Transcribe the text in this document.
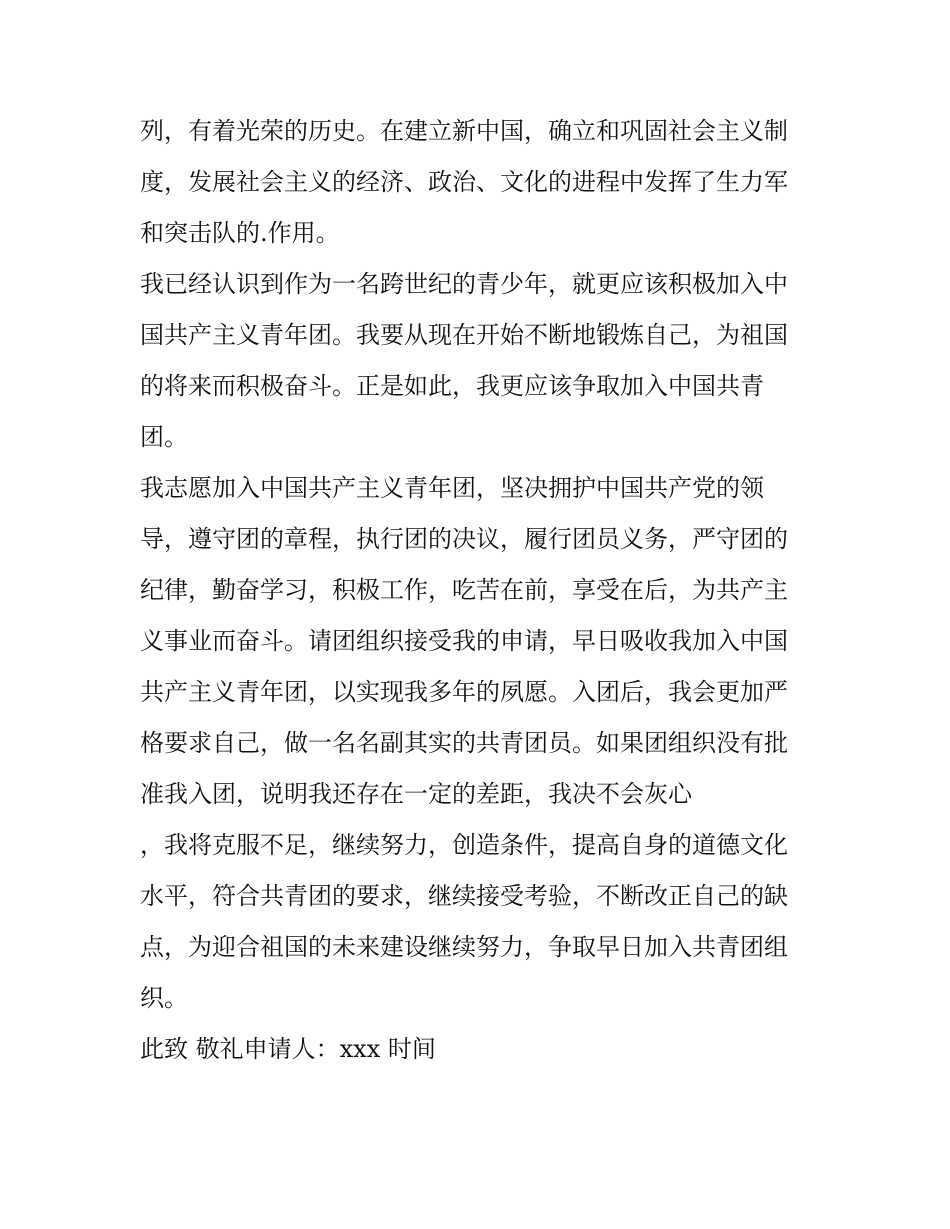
列，有着光荣的历史。在建立新中国，确立和巩固社会主义制
度，发展社会主义的经济、政治、文化的进程中发挥了生力军
和突击队的.作用。
我已经认识到作为一名跨世纪的青少年，就更应该积极加入中
国共产主义青年团。我要从现在开始不断地锻炼自己，为祖国
的将来而积极奋斗。正是如此，我更应该争取加入中国共青
团。
我志愿加入中国共产主义青年团，坚决拥护中国共产党的领
导，遵守团的章程，执行团的决议，履行团员义务，严守团的
纪律，勤奋学习，积极工作，吃苦在前，享受在后，为共产主
义事业而奋斗。请团组织接受我的申请，早日吸收我加入中国
共产主义青年团，以实现我多年的夙愿。入团后，我会更加严
格要求自己，做一名名副其实的共青团员。如果团组织没有批
准我入团，说明我还存在一定的差距，我决不会灰心
，我将克服不足，继续努力，创造条件，提高自身的道德文化
水平，符合共青团的要求，继续接受考验，不断改正自己的缺
点，为迎合祖国的未来建设继续努力，争取早日加入共青团组
织。
此致 敬礼申请人：xxx 时间
